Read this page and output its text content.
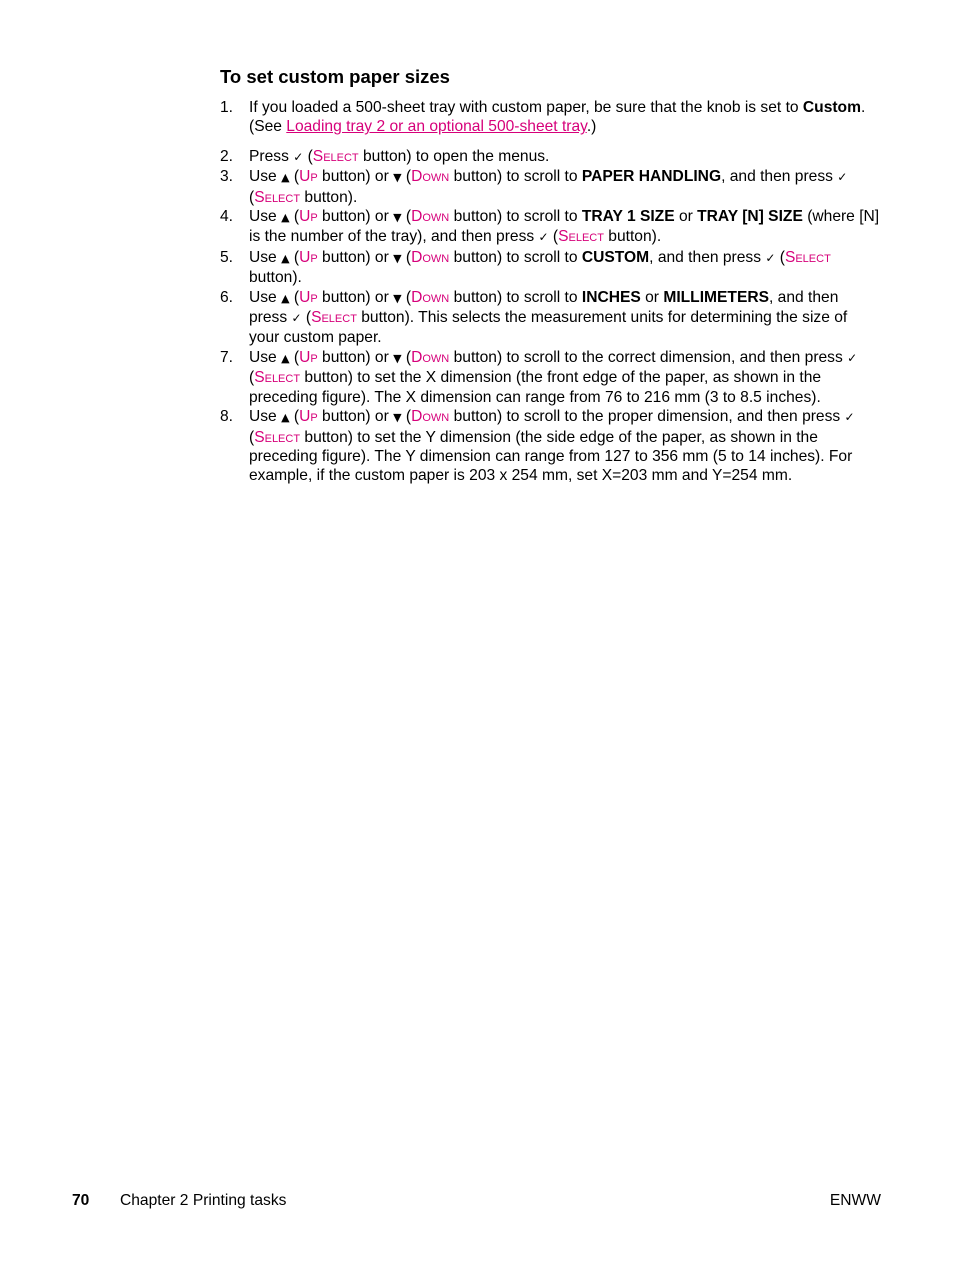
To set custom paper sizes
1. If you loaded a 500-sheet tray with custom paper, be sure that the knob is set to Custom. (See Loading tray 2 or an optional 500-sheet tray.)
2. Press ✓ (Select button) to open the menus.
3. Use ▲ (Up button) or ▼ (Down button) to scroll to PAPER HANDLING, and then press ✓ (Select button).
4. Use ▲ (Up button) or ▼ (Down button) to scroll to TRAY 1 SIZE or TRAY [N] SIZE (where [N] is the number of the tray), and then press ✓ (Select button).
5. Use ▲ (Up button) or ▼ (Down button) to scroll to CUSTOM, and then press ✓ (Select button).
6. Use ▲ (Up button) or ▼ (Down button) to scroll to INCHES or MILLIMETERS, and then press ✓ (Select button). This selects the measurement units for determining the size of your custom paper.
7. Use ▲ (Up button) or ▼ (Down button) to scroll to the correct dimension, and then press ✓ (Select button) to set the X dimension (the front edge of the paper, as shown in the preceding figure). The X dimension can range from 76 to 216 mm (3 to 8.5 inches).
8. Use ▲ (Up button) or ▼ (Down button) to scroll to the proper dimension, and then press ✓ (Select button) to set the Y dimension (the side edge of the paper, as shown in the preceding figure). The Y dimension can range from 127 to 356 mm (5 to 14 inches). For example, if the custom paper is 203 x 254 mm, set X=203 mm and Y=254 mm.
70 Chapter 2 Printing tasks	ENWW
